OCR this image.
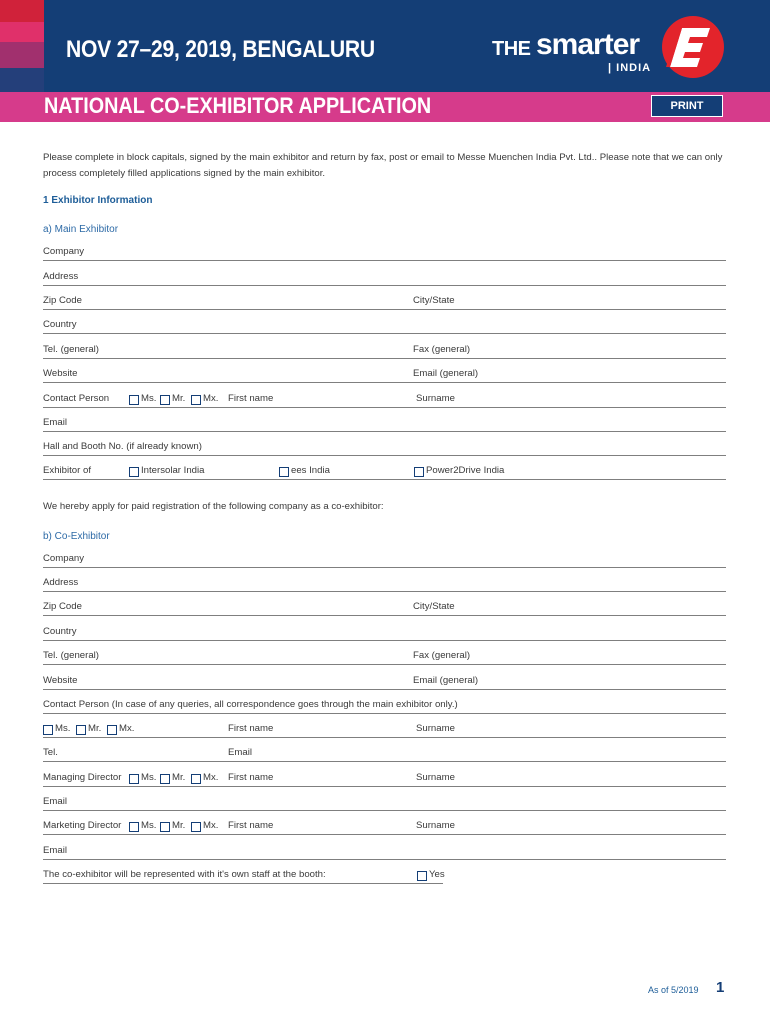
NOV 27–29, 2019, BENGALURU	THE smarter
| INDIA
NATIONAL CO-EXHIBITOR APPLICATION	PRINT
Please complete in block capitals, signed by the main exhibitor and return by fax, post or email to Messe Muenchen India Pvt. Ltd.. Please note that we can only process completely filled applications signed by the main exhibitor.
1 Exhibitor Information
a) Main Exhibitor
Company
Address
Zip Code	City/State
Country
Tel. (general)	Fax (general)
Website	Email (general)
Contact Person	Ms. Mr. Mx. First name	Surname
Email
Hall and Booth No. (if already known)
Exhibitor of	Intersolar India	ees India	Power2Drive India
We hereby apply for paid registration of the following company as a co-exhibitor:
b) Co-Exhibitor
Company
Address
Zip Code	City/State
Country
Tel. (general)	Fax (general)
Website	Email (general)
Contact Person (In case of any queries, all correspondence goes through the main exhibitor only.)
Ms. Mr. Mx.	First name	Surname
Tel.	Email
Managing Director Ms. Mr. Mx. First name	Surname
Email
Marketing Director Ms. Mr. Mx. First name	Surname
Email
The co-exhibitor will be represented with it's own staff at the booth:	Yes
As of 5/2019 1
